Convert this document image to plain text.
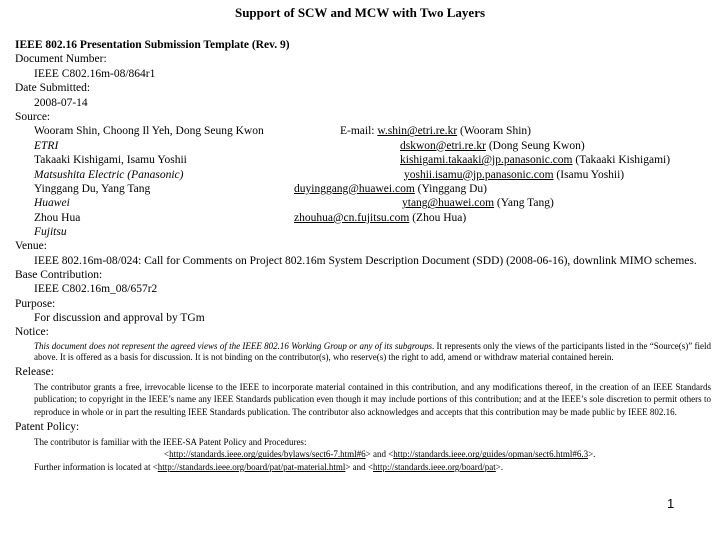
Support of SCW and MCW with Two Layers
IEEE 802.16 Presentation Submission Template (Rev. 9)
Document Number:
IEEE C802.16m-08/864r1
Date Submitted:
2008-07-14
Source:
Wooram Shin, Choong Il Yeh, Dong Seung Kwon	E-mail: w.shin@etri.re.kr (Wooram Shin)
ETRI	dskwon@etri.re.kr (Dong Seung Kwon)
Takaaki Kishigami, Isamu Yoshii	kishigami.takaaki@jp.panasonic.com (Takaaki Kishigami)
Matsushita Electric (Panasonic)	yoshii.isamu@jp.panasonic.com (Isamu Yoshii)
Yinggang Du, Yang Tang	duyinggang@huawei.com (Yinggang Du)
Huawei	ytang@huawei.com (Yang Tang)
Zhou Hua	zhouhua@cn.fujitsu.com (Zhou Hua)
Fujitsu
Venue:
IEEE 802.16m-08/024: Call for Comments on Project 802.16m System Description Document (SDD) (2008-06-16), downlink MIMO schemes.
Base Contribution:
IEEE C802.16m_08/657r2
Purpose:
For discussion and approval by TGm
Notice:
This document does not represent the agreed views of the IEEE 802.16 Working Group or any of its subgroups. It represents only the views of the participants listed in the “Source(s)” field above. It is offered as a basis for discussion. It is not binding on the contributor(s), who reserve(s) the right to add, amend or withdraw material contained herein.
Release:
The contributor grants a free, irrevocable license to the IEEE to incorporate material contained in this contribution, and any modifications thereof, in the creation of an IEEE Standards publication; to copyright in the IEEE’s name any IEEE Standards publication even though it may include portions of this contribution; and at the IEEE’s sole discretion to permit others to reproduce in whole or in part the resulting IEEE Standards publication. The contributor also acknowledges and accepts that this contribution may be made public by IEEE 802.16.
Patent Policy:
The contributor is familiar with the IEEE-SA Patent Policy and Procedures:
<http://standards.ieee.org/guides/bylaws/sect6-7.html#6> and <http://standards.ieee.org/guides/opman/sect6.html#6.3>.
Further information is located at <http://standards.ieee.org/board/pat/pat-material.html> and <http://standards.ieee.org/board/pat>.
1
